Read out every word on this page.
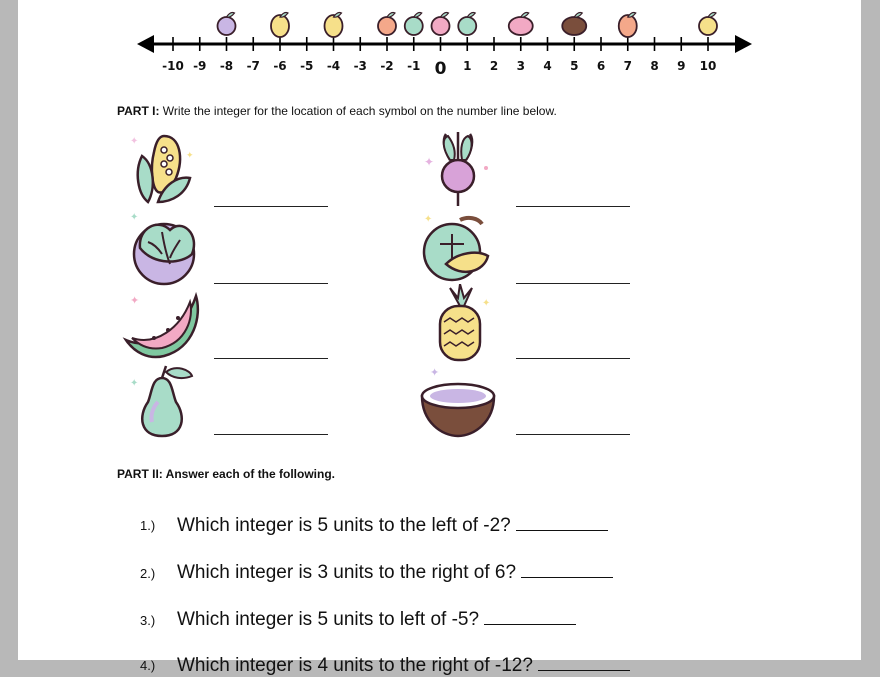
-10 -9 -8 -7 -6 -5 -4 -3 -2 -1 0 1 2 3 4 5 6 7 8 9 10

PART I: Write the integer for the location of each symbol on the number line below.

✦
✦
✦
✦
✦
✦
✦
✦
✦

PART II: Answer each of the following.

1.) Which integer is 5 units to the left of -2?
2.) Which integer is 3 units to the right of 6?
3.) Which integer is 5 units to left of -5?
4.) Which integer is 4 units to the right of -12?
